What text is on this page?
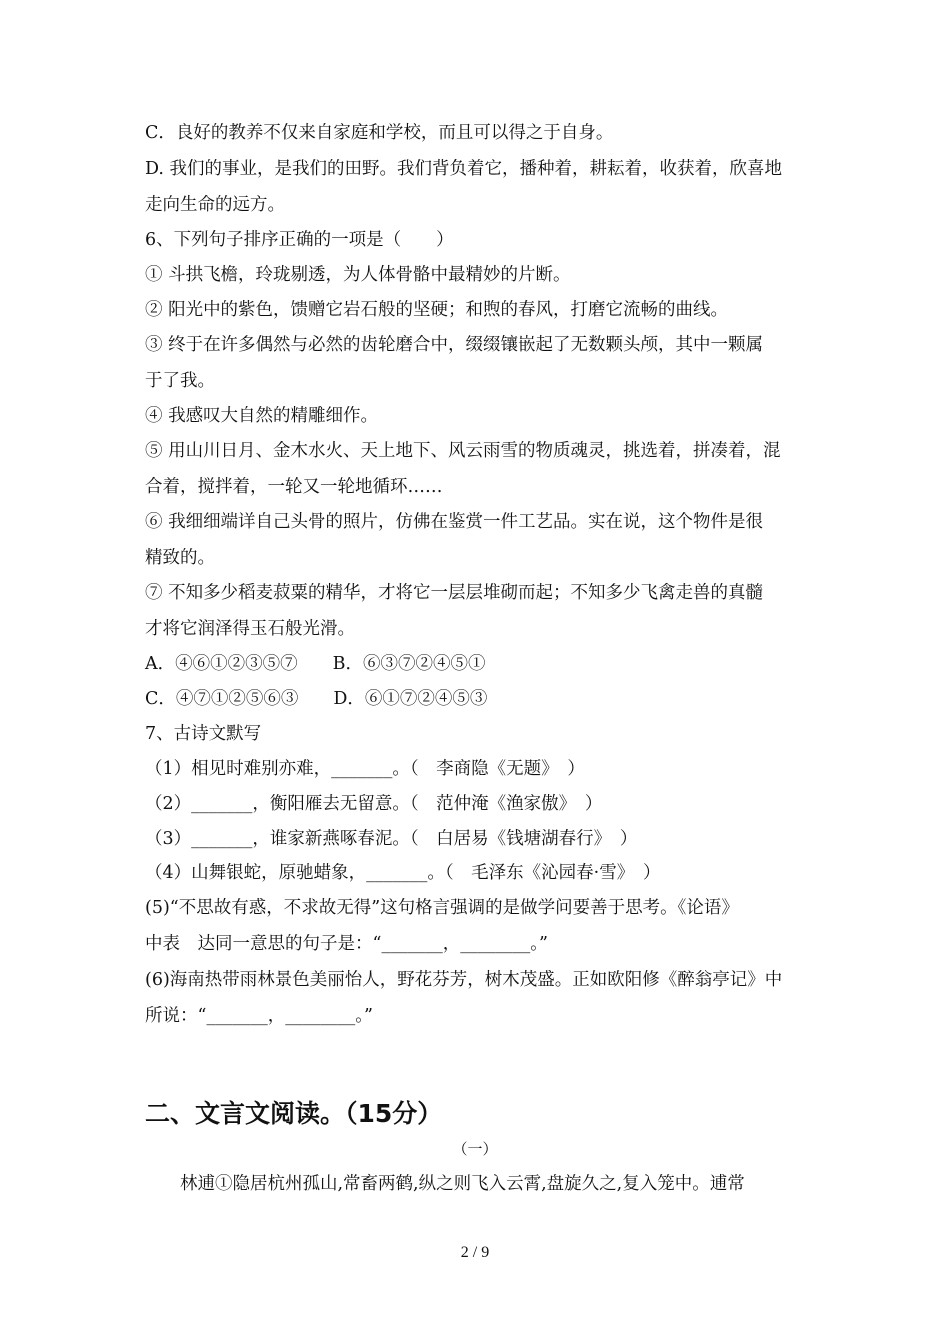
C．良好的教养不仅来自家庭和学校，而且可以得之于自身。
D. 我们的事业，是我们的田野。我们背负着它，播种着，耕耘着，收获着，欣喜地
走向生命的远方。
6、下列句子排序正确的一项是（　　）
① 斗拱飞檐，玲珑剔透，为人体骨骼中最精妙的片断。
② 阳光中的紫色，馈赠它岩石般的坚硬；和煦的春风，打磨它流畅的曲线。
③ 终于在许多偶然与必然的齿轮磨合中，缀缀镶嵌起了无数颗头颅，其中一颗属
于了我。
④ 我感叹大自然的精雕细作。
⑤ 用山川日月、金木水火、天上地下、风云雨雪的物质魂灵，挑选着，拼凑着，混
合着，搅拌着，一轮又一轮地循环……
⑥ 我细细端详自己头骨的照片，仿佛在鉴赏一件工艺品。实在说，这个物件是很
精致的。
⑦ 不知多少稻麦菽粟的精华，才将它一层层堆砌而起；不知多少飞禽走兽的真髓
才将它润泽得玉石般光滑。
A．④⑥①②③⑤⑦　　B．⑥③⑦②④⑤①
C．④⑦①②⑤⑥③　　D．⑥①⑦②④⑤③
7、古诗文默写
（1）相见时难别亦难，_______。（　李商隐《无题》　）
（2）_______，衡阳雁去无留意。（　范仲淹《渔家傲》　）
（3）_______，谁家新燕啄春泥。（　白居易《钱塘湖春行》　）
（4）山舞银蛇，原驰蜡象，_______。（　毛泽东《沁园春·雪》　）
(5)“不思故有惑，不求故无得”这句格言强调的是做学问要善于思考。《论语》
中表　达同一意思的句子是：“_______，________。”
(6)海南热带雨林景色美丽怡人，野花芬芳，树木茂盛。正如欧阳修《醉翁亭记》中
所说：“_______，________。”
二、文言文阅读。（15分）
（一）
林逋①隐居杭州孤山,常畜两鹤,纵之则飞入云霄,盘旋久之,复入笼中。逋常
2 / 9
